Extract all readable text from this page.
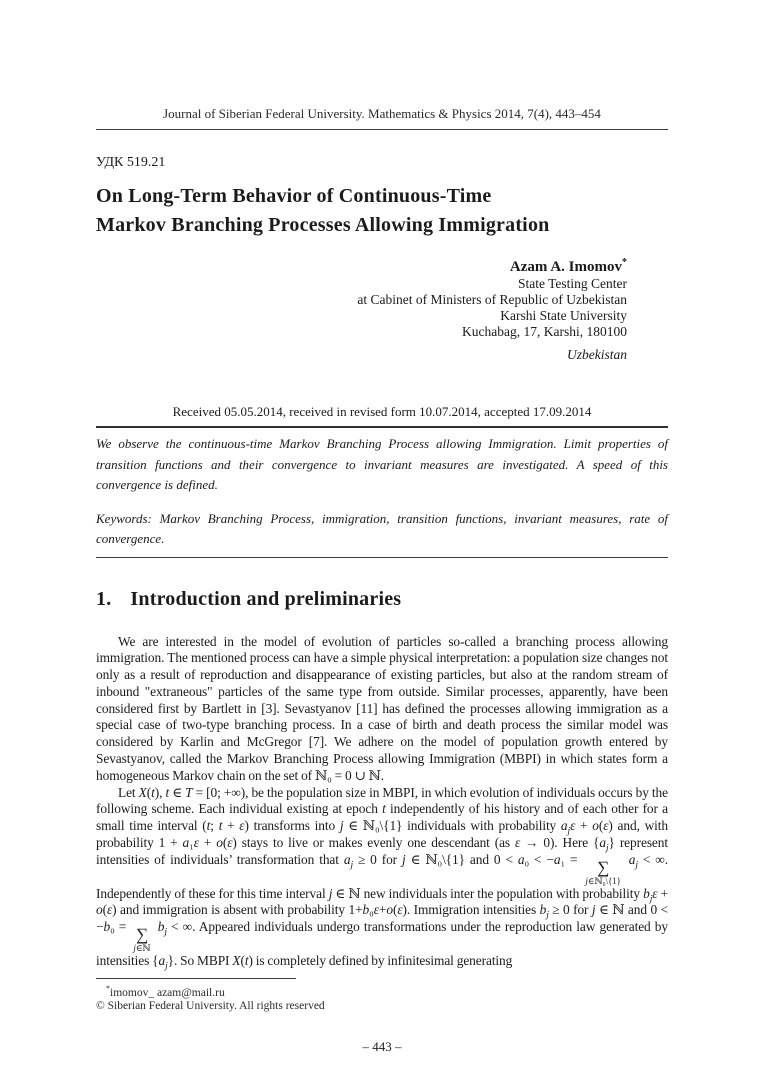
Journal of Siberian Federal University. Mathematics & Physics 2014, 7(4), 443–454
УДК 519.21
On Long-Term Behavior of Continuous-Time
Markov Branching Processes Allowing Immigration
Azam A. Imomov*
State Testing Center
at Cabinet of Ministers of Republic of Uzbekistan
Karshi State University
Kuchabag, 17, Karshi, 180100
Uzbekistan
Received 05.05.2014, received in revised form 10.07.2014, accepted 17.09.2014
We observe the continuous-time Markov Branching Process allowing Immigration. Limit properties of transition functions and their convergence to invariant measures are investigated. A speed of this convergence is defined.
Keywords: Markov Branching Process, immigration, transition functions, invariant measures, rate of convergence.
1. Introduction and preliminaries

We are interested in the model of evolution of particles so-called a branching process allowing immigration. The mentioned process can have a simple physical interpretation: a population size changes not only as a result of reproduction and disappearance of existing particles, but also at the random stream of inbound "extraneous" particles of the same type from outside. Similar processes, apparently, have been considered first by Bartlett in [3]. Sevastyanov [11] has defined the processes allowing immigration as a special case of two-type branching process. In a case of birth and death process the similar model was considered by Karlin and McGregor [7]. We adhere on the model of population growth entered by Sevastyanov, called the Markov Branching Process allowing Immigration (MBPI) in which states form a homogeneous Markov chain on the set of ℕ₀ = 0 ∪ ℕ.

Let X(t), t ∈ T = [0; +∞), be the population size in MBPI, in which evolution of individuals occurs by the following scheme. Each individual existing at epoch t independently of his history and of each other for a small time interval (t; t + ε) transforms into j ∈ ℕ₀\{1} individuals with probability $a_j\varepsilon + o(\varepsilon)$ and, with probability 1 + a₁ε + o(ε) stays to live or makes evenly one descendant (as ε → 0). Here $\{a_j\}$ represent intensities of individuals’ transformation that $a_j \ge 0$ for j ∈ ℕ₀\{1} and 0 < a₀ < −a₁ = ∑
j∈ℕ₀\{1}
$a_j$ < ∞. Independently of these for this time interval j ∈ ℕ new individuals inter the population with probability $b_j\varepsilon + o(\varepsilon)$ and immigration is absent with probability 1+b₀ε+o(ε). Immigration intensities $b_j \ge 0$ for j ∈ ℕ and 0 < −b₀ = ∑
j∈ℕ
$b_j$ < ∞. Appeared individuals undergo transformations under the reproduction law generated by intensities $\{a_j\}$. So MBPI X(t) is completely defined by infinitesimal generating

*imomov_ azam@mail.ru
© Siberian Federal University. All rights reserved
– 443 –
